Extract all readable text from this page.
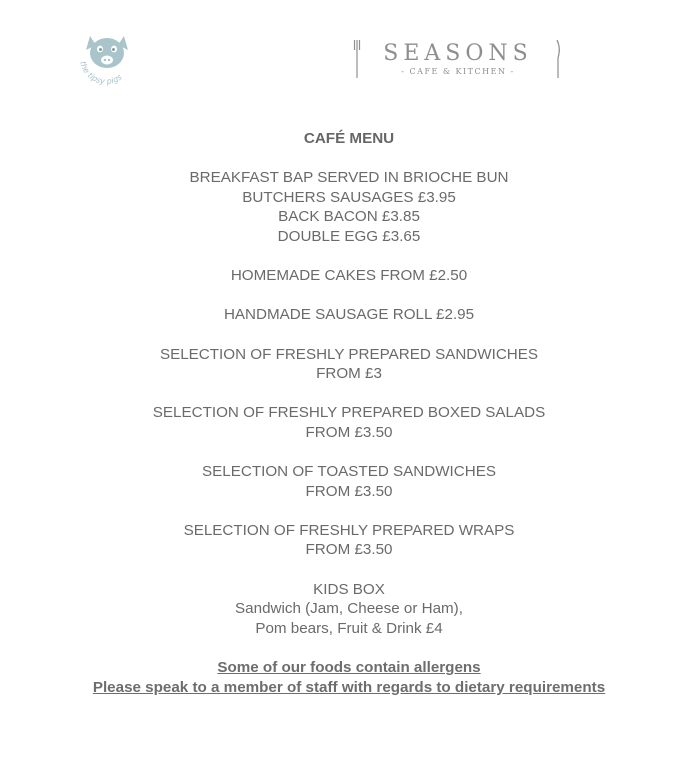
the tipsy pigs
SEASONS
- CAFE & KITCHEN -
CAFÉ MENU
BREAKFAST BAP SERVED IN BRIOCHE BUN
BUTCHERS SAUSAGES £3.95
BACK BACON £3.85
DOUBLE EGG £3.65
HOMEMADE CAKES FROM £2.50
HANDMADE SAUSAGE ROLL £2.95
SELECTION OF FRESHLY PREPARED SANDWICHES
FROM £3
SELECTION OF FRESHLY PREPARED BOXED SALADS
FROM £3.50
SELECTION OF TOASTED SANDWICHES
FROM £3.50
SELECTION OF FRESHLY PREPARED WRAPS
FROM £3.50
KIDS BOX
Sandwich (Jam, Cheese or Ham),
Pom bears, Fruit & Drink £4
Some of our foods contain allergens
Please speak to a member of staff with regards to dietary requirements
